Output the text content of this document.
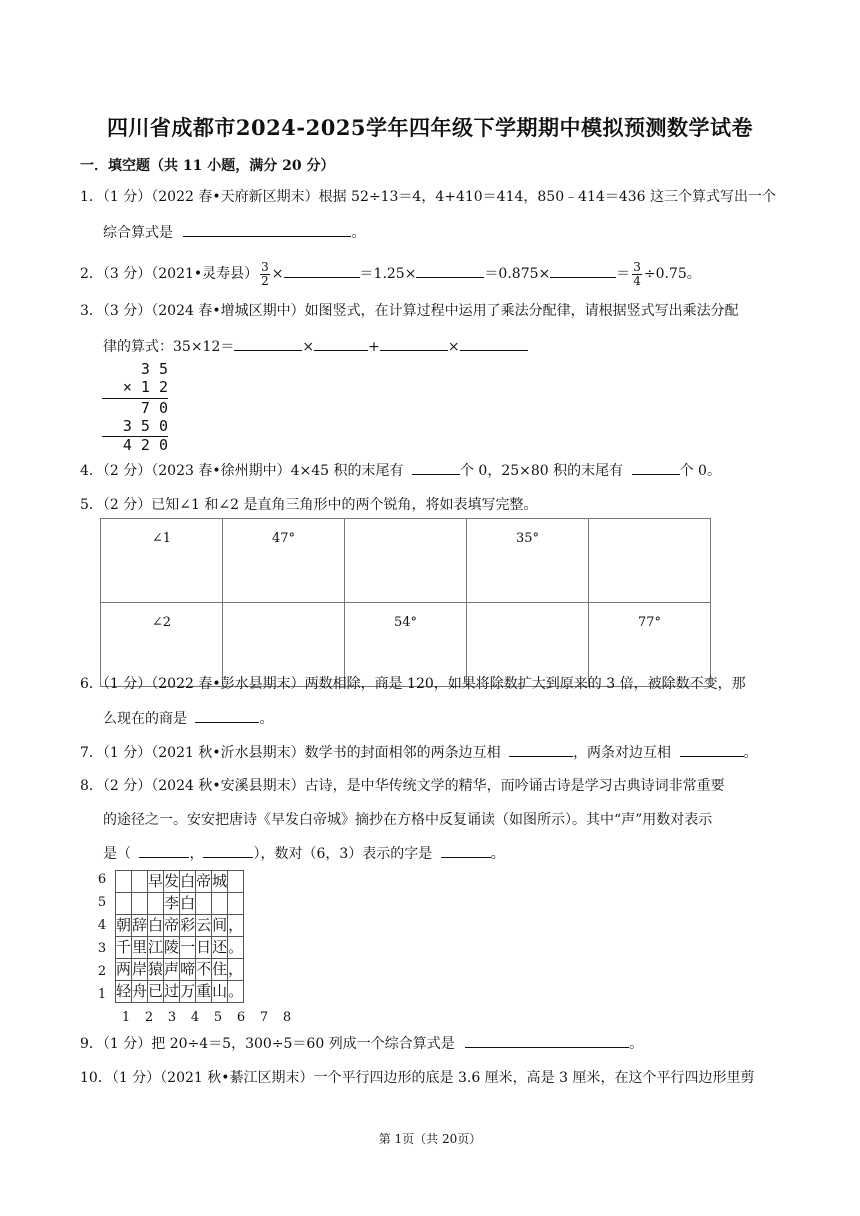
四川省成都市2024-2025学年四年级下学期期中模拟预测数学试卷
一．填空题（共 11 小题，满分 20 分）
1．（1 分）（2022 春•天府新区期末）根据 52÷13＝4，4+410＝414，850﹣414＝436 这三个算式写出一个
综合算式是	。
2．（3 分）（2021•灵寿县） $\frac{3}{2}$ ×	＝1.25×	＝0.875×	＝ $\frac{3}{4} \div 0.75$。
3．（3 分）（2024 春•增城区期中）如图竖式，在计算过程中运用了乘法分配律，请根据竖式写出乘法分配
律的算式：35×12＝	×	+	×
3 5
× 1 2
7 0
3 5 0
4 2 0
4．（2 分）（2023 春•徐州期中）4×45 积的末尾有	个 0，25×80 积的末尾有	个 0。
5．（2 分）已知∠1 和∠2 是直角三角形中的两个锐角，将如表填写完整。
∠1	47°		35°	
∠2		54°		77°
6．（1 分）（2022 春•彭水县期末）两数相除，商是 120，如果将除数扩大到原来的 3 倍，被除数不变，那
么现在的商是	。
7．（1 分）（2021 秋•沂水县期末）数学书的封面相邻的两条边互相	，两条对边互相	。
8．（2 分）（2024 秋•安溪县期末）古诗，是中华传统文学的精华，而吟诵古诗是学习古典诗词非常重要
的途径之一。安安把唐诗《早发白帝城》摘抄在方格中反复诵读（如图所示）。其中“声”用数对表示
是（	，	），数对（6，3）表示的字是	。
6
5
4
3
2
1
		早	发	白	帝	城	
			李	白			
朝	辞	白	帝	彩	云	间	，
千	里	江	陵	一	日	还	。
两	岸	猿	声	啼	不	住	，
轻	舟	已	过	万	重	山	。
1	2	3	4	5	6	7	8
9．（1 分）把 20÷4＝5，300÷5＝60 列成一个综合算式是	。
10．（1 分）（2021 秋•綦江区期末）一个平行四边形的底是 3.6 厘米，高是 3 厘米，在这个平行四边形里剪
第 1页（共 20页）
